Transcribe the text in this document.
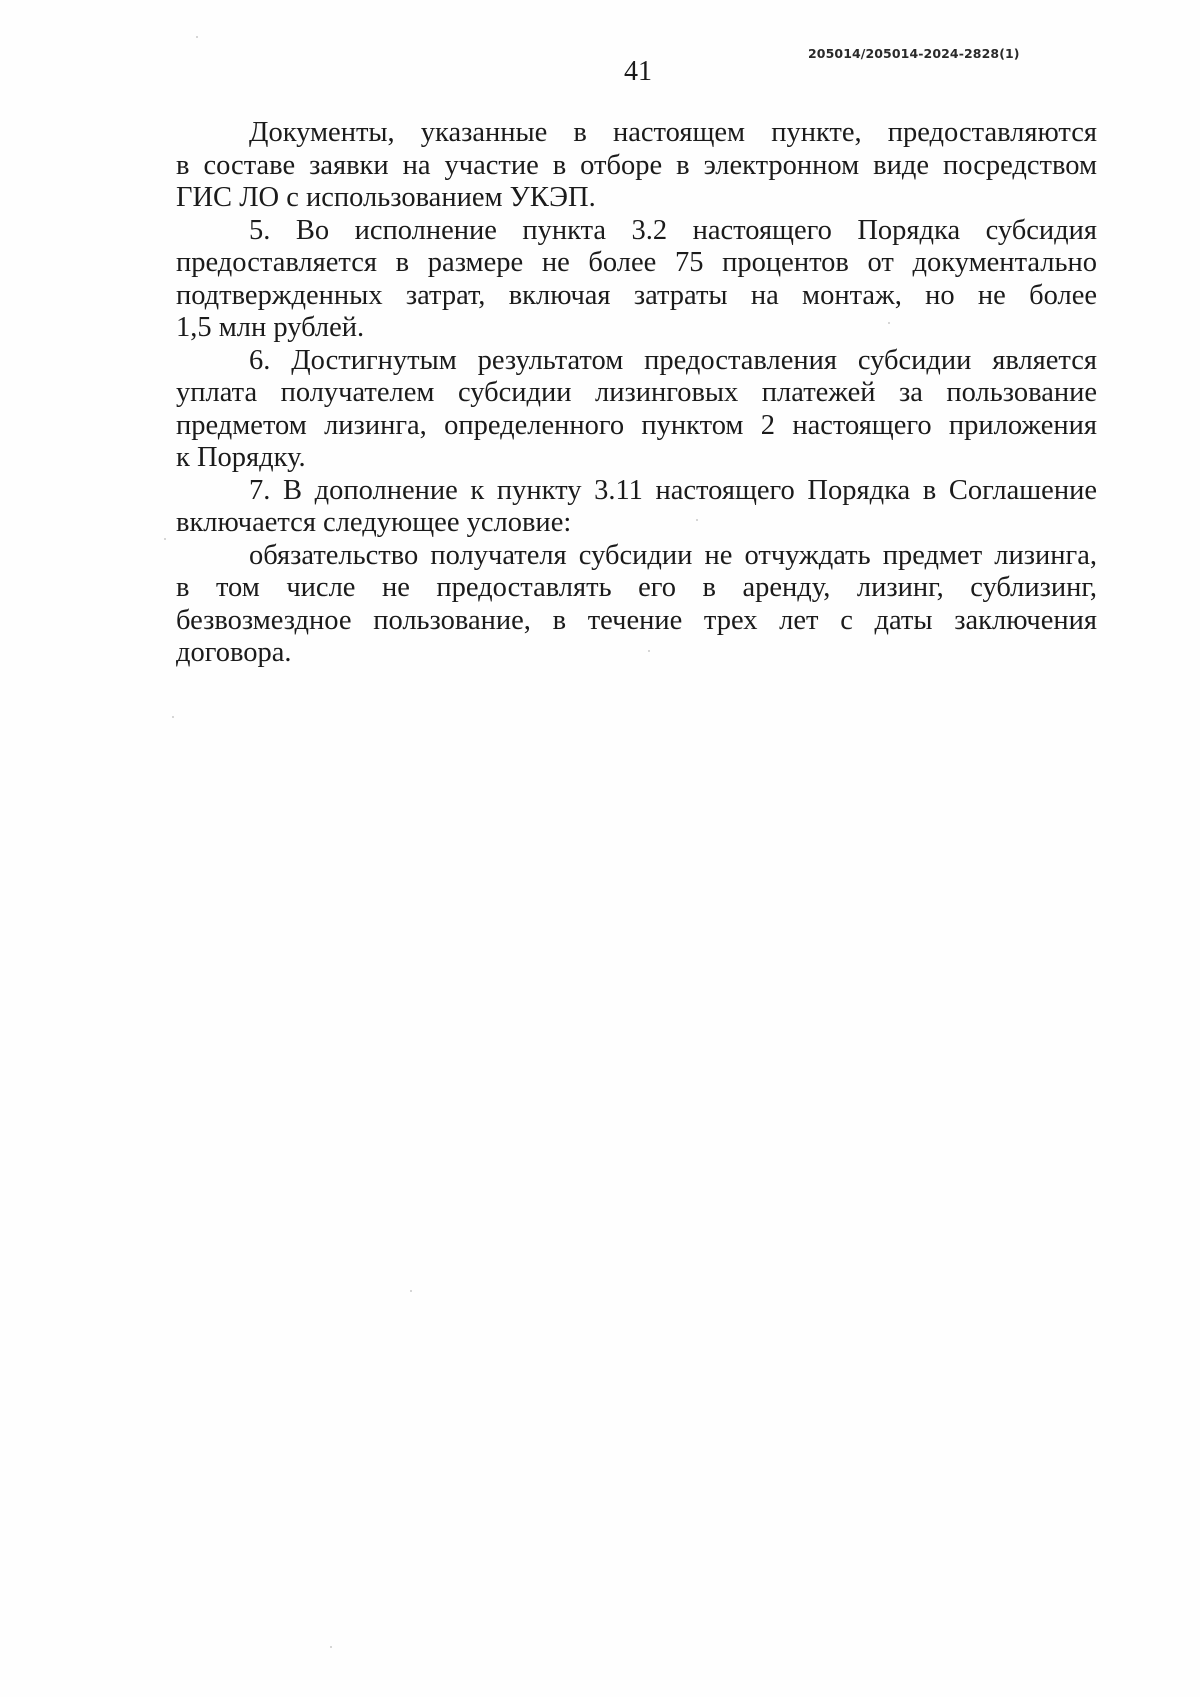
205014/205014-2024-2828(1)
41

Документы, указанные в настоящем пункте, предоставляются
в составе заявки на участие в отборе в электронном виде посредством
ГИС ЛО с использованием УКЭП.

5. Во исполнение пункта 3.2 настоящего Порядка субсидия
предоставляется в размере не более 75 процентов от документально
подтвержденных затрат, включая затраты на монтаж, но не более
1,5 млн рублей.

6. Достигнутым результатом предоставления субсидии является
уплата получателем субсидии лизинговых платежей за пользование
предметом лизинга, определенного пунктом 2 настоящего приложения
к Порядку.

7. В дополнение к пункту 3.11 настоящего Порядка в Соглашение
включается следующее условие:

обязательство получателя субсидии не отчуждать предмет лизинга,
в том числе не предоставлять его в аренду, лизинг, сублизинг,
безвозмездное пользование, в течение трех лет с даты заключения
договора.
